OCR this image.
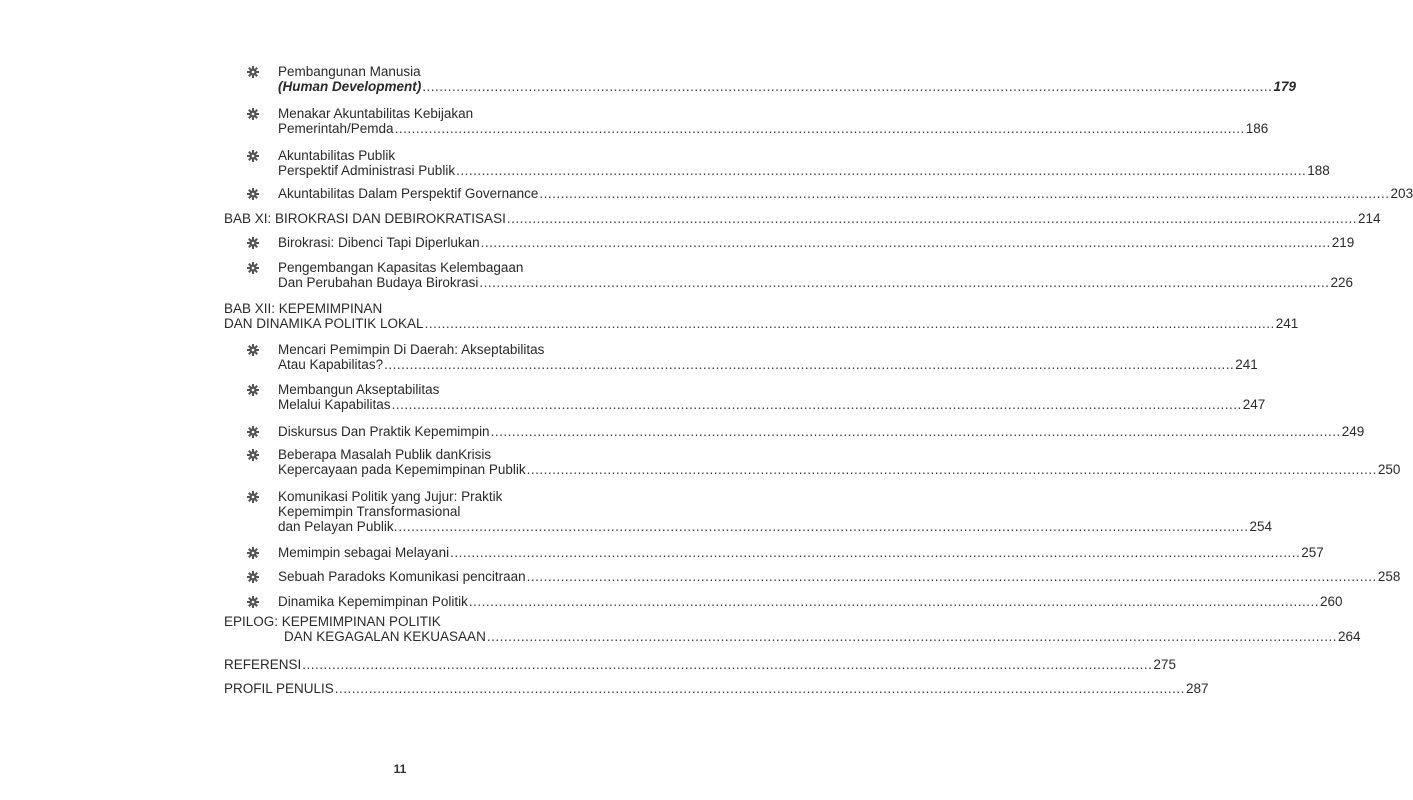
Pembangunan Manusia
(Human Development) ........................................................................................................................................................................................................ 179
Menakar Akuntabilitas Kebijakan
Pemerintah/Pemda ........................................................................................................................................................................................................ 186
Akuntabilitas Publik
Perspektif Administrasi Publik ........................................................................................................................................................................................................ 188
Akuntabilitas Dalam Perspektif Governance ........................................................................................................................................................................................................ 203
BAB XI: BIROKRASI DAN DEBIROKRATISASI ........................................................................................................................................................................................................ 214
Birokrasi: Dibenci Tapi Diperlukan ........................................................................................................................................................................................................ 219
Pengembangan Kapasitas Kelembagaan
Dan Perubahan Budaya Birokrasi ........................................................................................................................................................................................................ 226
BAB XII: KEPEMIMPINAN
DAN DINAMIKA POLITIK LOKAL ........................................................................................................................................................................................................ 241
Mencari Pemimpin Di Daerah: Akseptabilitas
Atau Kapabilitas? ........................................................................................................................................................................................................ 241
Membangun Akseptabilitas
Melalui Kapabilitas ........................................................................................................................................................................................................ 247
Diskursus Dan Praktik Kepemimpin ........................................................................................................................................................................................................ 249
Beberapa Masalah Publik danKrisis
Kepercayaan pada Kepemimpinan Publik ........................................................................................................................................................................................................ 250
Komunikasi Politik yang Jujur: Praktik
Kepemimpin Transformasional
dan Pelayan Publik. ........................................................................................................................................................................................................ 254
Memimpin sebagai Melayani ........................................................................................................................................................................................................ 257
Sebuah Paradoks Komunikasi pencitraan ........................................................................................................................................................................................................ 258
Dinamika Kepemimpinan Politik ........................................................................................................................................................................................................ 260
EPILOG: KEPEMIMPINAN POLITIK
DAN KEGAGALAN KEKUASAAN ........................................................................................................................................................................................................ 264
REFERENSI ........................................................................................................................................................................................................ 275
PROFIL PENULIS ........................................................................................................................................................................................................ 287
11
